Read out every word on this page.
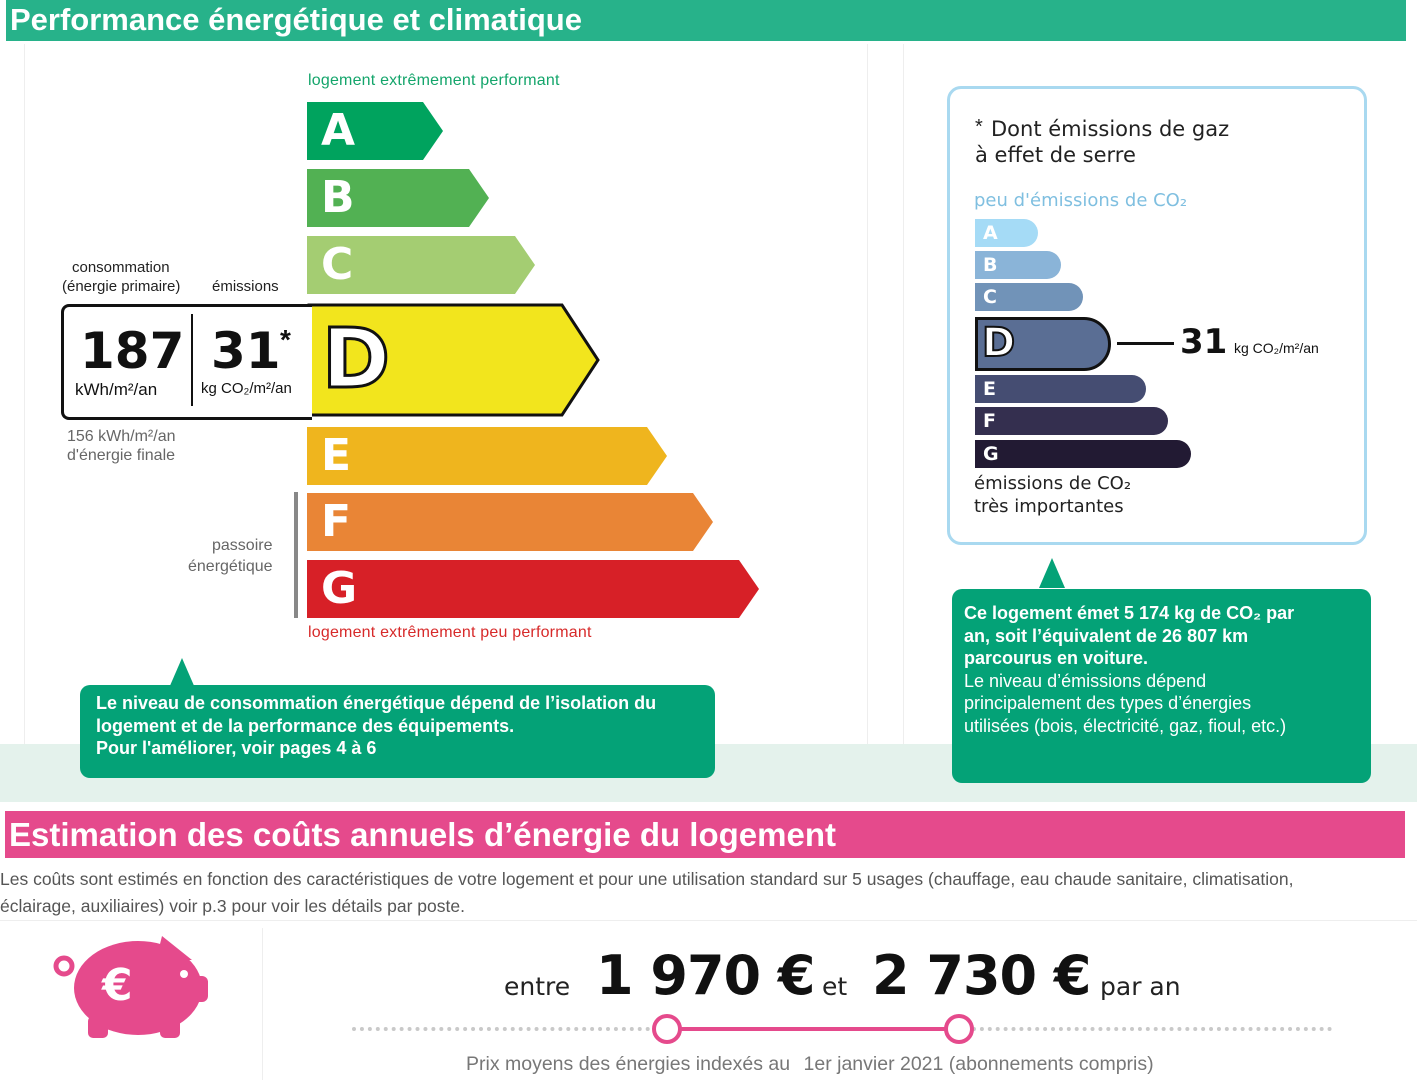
Performance énergétique et climatique
logement extrêmement performant
A
B
C
D
E
F
G
logement extrêmement peu performant
consommation
(énergie primaire) émissions
187
kWh/m²/an
31 *
kg CO₂/m²/an
156 kWh/m²/an
d'énergie finale
passoire
énergétique
Le niveau de consommation énergétique dépend de l’isolation du
logement et de la performance des équipements.
Pour l'améliorer, voir pages 4 à 6
* Dont émissions de gaz
à effet de serre
peu d'émissions de CO₂
A
B
C
D
E
F
G
31 kg CO₂/m²/an
émissions de CO₂
très importantes
Ce logement émet 5 174 kg de CO₂ par
an, soit l’équivalent de 26 807 km
parcourus en voiture.
Le niveau d’émissions dépend
principalement des types d’énergies
utilisées (bois, électricité, gaz, fioul, etc.)
Estimation des coûts annuels d’énergie du logement
Les coûts sont estimés en fonction des caractéristiques de votre logement et pour une utilisation standard sur 5 usages (chauffage, eau chaude sanitaire, climatisation,
éclairage, auxiliaires) voir p.3 pour voir les détails par poste.
€	entre 1 970 € et 2 730 € par an
Prix moyens des énergies indexés au 1er janvier 2021 (abonnements compris)
